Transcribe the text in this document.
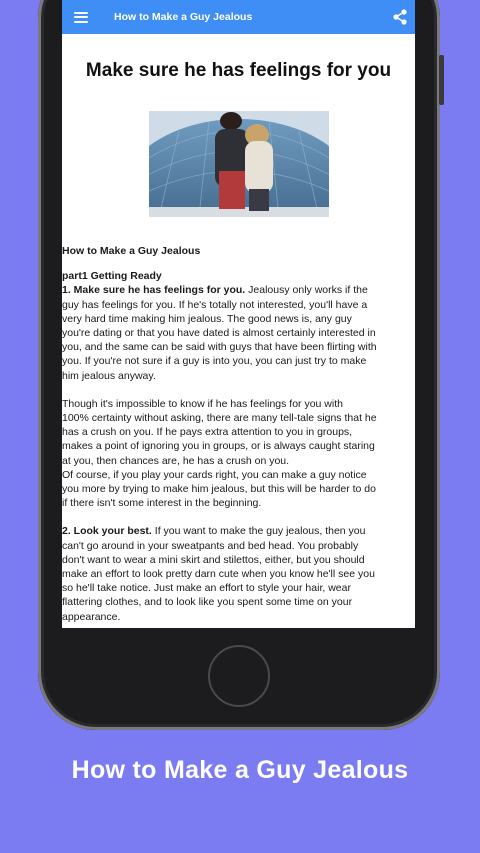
How to Make a Guy Jealous
Make sure he has feelings for you

How to Make a Guy Jealous

part1 Getting Ready

1. Make sure he has feelings for you. Jealousy only works if the

guy has feelings for you. If he's totally not interested, you'll have a

very hard time making him jealous. The good news is, any guy

you're dating or that you have dated is almost certainly interested in

you, and the same can be said with guys that have been flirting with

you. If you're not sure if a guy is into you, you can just try to make

him jealous anyway.

Though it's impossible to know if he has feelings for you with

100% certainty without asking, there are many tell-tale signs that he

has a crush on you. If he pays extra attention to you in groups,

makes a point of ignoring you in groups, or is always caught staring

at you, then chances are, he has a crush on you.

Of course, if you play your cards right, you can make a guy notice

you more by trying to make him jealous, but this will be harder to do

if there isn't some interest in the beginning.

2. Look your best. If you want to make the guy jealous, then you

can't go around in your sweatpants and bed head. You probably

don't want to wear a mini skirt and stilettos, either, but you should

make an effort to look pretty darn cute when you know he'll see you

so he'll take notice. Just make an effort to style your hair, wear

flattering clothes, and to look like you spent some time on your

appearance.

How to Make a Guy Jealous
